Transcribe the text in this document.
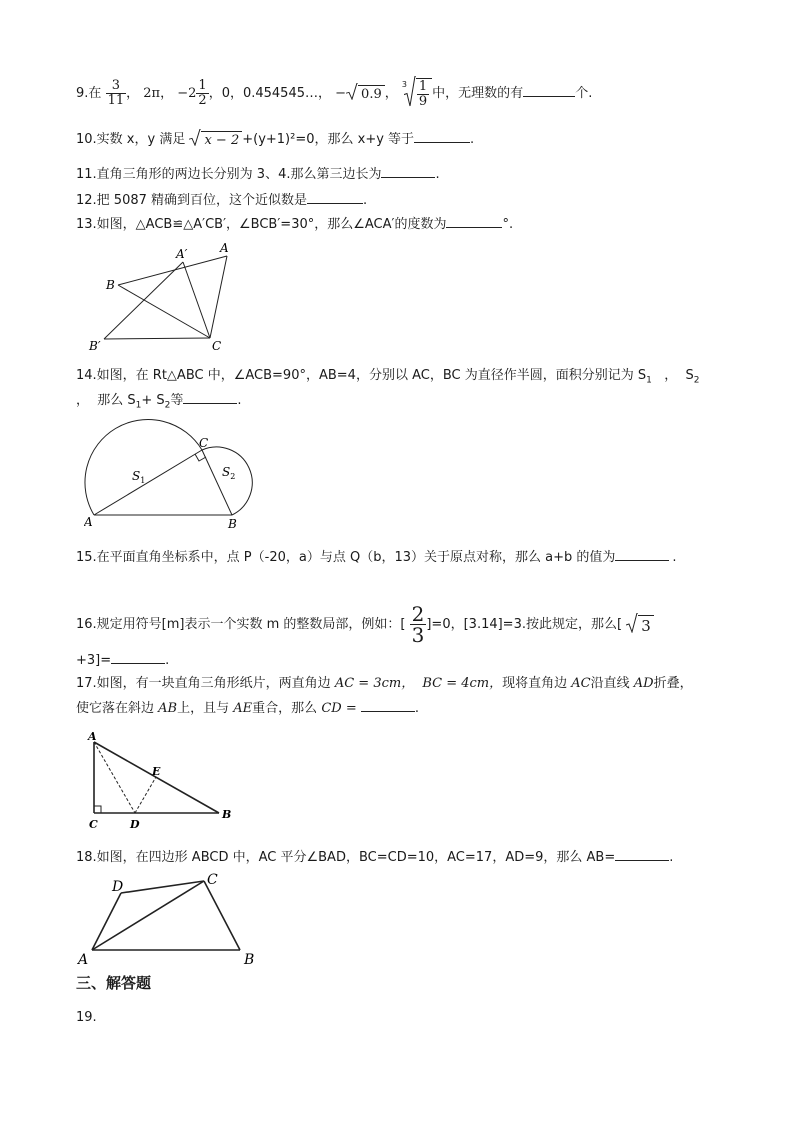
9.在 $\frac{3}{11}$ ， 2π， $-2 \frac{1}{2}$ ，0，0.454545…， − 0.9 ，
$3 \frac{1}{9}$ 中，无理数的有	个.
10.实数 x，y 满足 x − 2 +(y+1)²=0，那么 x+y 等于	.
11.直角三角形的两边长分别为 3、4.那么第三边长为	.
12.把 5087 精确到百位，这个近似数是	.
13.如图，△ACB≌△A′CB′，∠BCB′=30°，那么∠ACA′的度数为	°.
A
A′
B
B′	C
14.如图，在 Rt△ABC 中，∠ACB=90°，AB=4，分别以 AC，BC 为直径作半圆，面积分别记为 $S_1$   ，  $S_2$
，  那么 $S_1+ S_2$等	.
A	B
C
$S_1$
$S_2$
15.在平面直角坐标系中，点 P（-20，a）与点 Q（b，13）关于原点对称，那么 a+b 的值为	.
16.规定用符号[m]表示一个实数 m 的整数局部，例如：[ $\frac{2}{3} ]=0$，[3.14]=3.按此规定，那么[ 3
+3]=	.
17.如图，有一块直角三角形纸片，两直角边 AC = 3cm， BC = 4cm，现将直角边 AC沿直线 AD折叠，
使它落在斜边 AB上，且与 AE重合，那么 CD =	.
A
E
B
C	D
18.如图，在四边形 ABCD 中，AC 平分∠BAD，BC=CD=10，AC=17，AD=9，那么 AB=	.
A	B
C
D
三、解答题
19.
